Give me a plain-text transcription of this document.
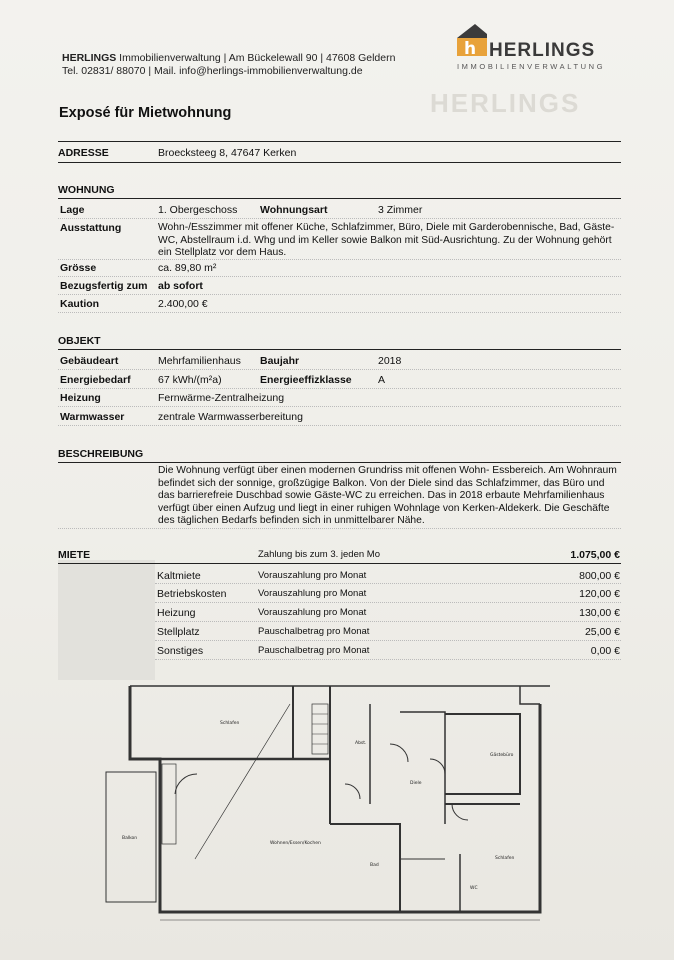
HERLINGS Immobilienverwaltung | Am Bückelewall 90 | 47608 Geldern
Tel. 02831/ 88070 | Mail. info@herlings-immobilienverwaltung.de
h HERLINGS
IMMOBILIENVERWALTUNG
HERLINGS
Exposé für Mietwohnung
ADRESSE	Broecksteeg 8, 47647 Kerken
WOHNUNG
Lage	1. Obergeschoss Wohnungsart	3 Zimmer
Ausstattung	Wohn-/Esszimmer mit offener Küche, Schlafzimmer, Büro, Diele mit Garderobennische, Bad, Gäste-WC, Abstellraum i.d. Whg und im Keller sowie Balkon mit Süd-Ausrichtung. Zu der Wohnung gehört ein Stellplatz vor dem Haus.
Grösse	ca. 89,80 m²
Bezugsfertig zum ab sofort
Kaution	2.400,00 €
OBJEKT
Gebäudeart	Mehrfamilienhaus Baujahr	2018
Energiebedarf	67 kWh/(m²a)	Energieeffizklasse	A
Heizung	Fernwärme-Zentralheizung
Warmwasser	zentrale Warmwasserbereitung
BESCHREIBUNG
Die Wohnung verfügt über einen modernen Grundriss mit offenen Wohn- Essbereich. Am Wohnraum befindet sich der sonnige, großzügige Balkon. Von der Diele sind das Schlafzimmer, das Büro und das barrierefreie Duschbad sowie Gäste-WC zu erreichen. Das in 2018 erbaute Mehrfamilienhaus verfügt über einen Aufzug und liegt in einer ruhigen Wohnlage von Kerken-Aldekerk. Die Geschäfte des täglichen Bedarfs befinden sich in unmittelbarer Nähe.
MIETE	Zahlung bis zum 3. jeden Mo	1.075,00 €
Kaltmiete	Vorauszahlung pro Monat	800,00 €
Betriebskosten	Vorauszahlung pro Monat	120,00 €
Heizung	Vorauszahlung pro Monat	130,00 €
Stellplatz	Pauschalbetrag pro Monat	25,00 €
Sonstiges	Pauschalbetrag pro Monat	0,00 €
Schlafen
Abst.
Diele
Gästebüro
Wohnen/Essen/Kochen
Bad
WC
Balkon
Schlafen
